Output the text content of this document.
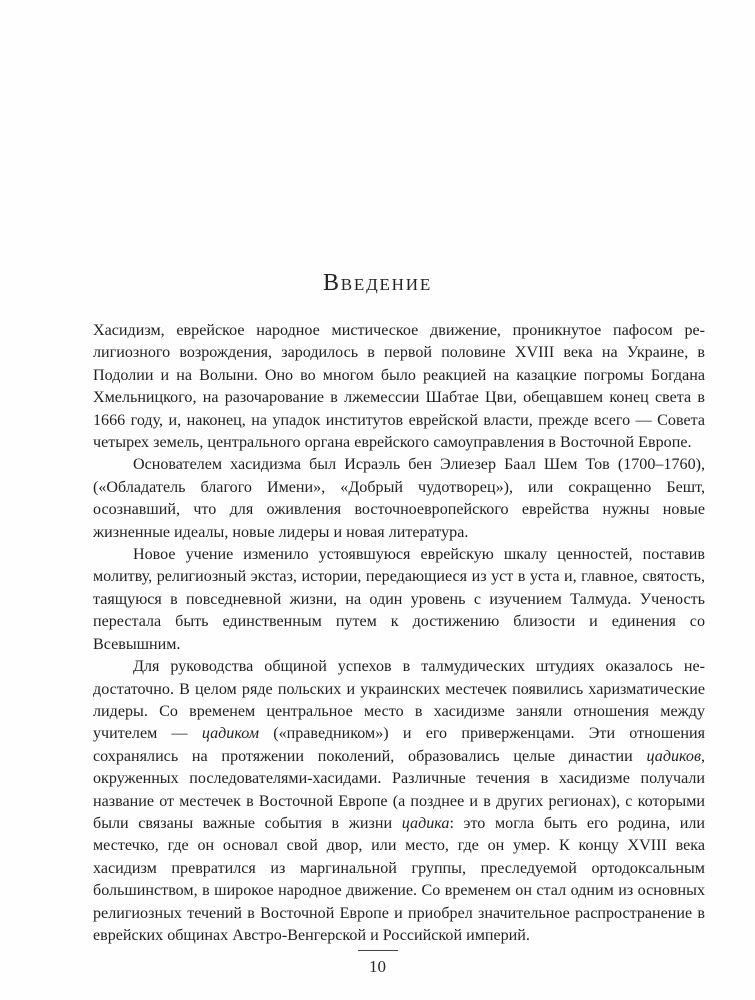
Введение

Хасидизм, еврейское народное мистическое движение, проникнутое пафосом религиозного возрождения, зародилось в первой половине XVIII века на Украине, в Подолии и на Волыни. Оно во многом было реакцией на казацкие погромы Богдана Хмельницкого, на разочарование в лжемессии Шабтае Цви, обещавшем конец света в 1666 году, и, наконец, на упадок институтов еврейской власти, прежде всего — Совета четырех земель, центрального органа еврейского самоуправления в Восточной Европе.

Основателем хасидизма был Исраэль бен Элиезер Баал Шем Тов (1700–1760), («Обладатель благого Имени», «Добрый чудотворец»), или сокращенно Бешт, осознавший, что для оживления восточноевропейского еврейства нужны новые жизненные идеалы, новые лидеры и новая литература.

Новое учение изменило устоявшуюся еврейскую шкалу ценностей, поставив молитву, религиозный экстаз, истории, передающиеся из уст в уста и, главное, святость, таящуюся в повседневной жизни, на один уровень с изучением Талмуда. Ученость перестала быть единственным путем к достижению близости и единения со Всевышним.

Для руководства общиной успехов в талмудических штудиях оказалось недостаточно. В целом ряде польских и украинских местечек появились харизматические лидеры. Со временем центральное место в хасидизме заняли отношения между учителем — цадиком («праведником») и его приверженцами. Эти отношения сохранялись на протяжении поколений, образовались целые династии цадиков, окруженных последователями-хасидами. Различные течения в хасидизме получали название от местечек в Восточной Европе (а позднее и в других регионах), с которыми были связаны важные события в жизни цадика: это могла быть его родина, или местечко, где он основал свой двор, или место, где он умер. К концу XVIII века хасидизм превратился из маргинальной группы, преследуемой ортодоксальным большинством, в широкое народное движение. Со временем он стал одним из основных религиозных течений в Восточной Европе и приобрел значительное распространение в еврейских общинах Австро-Венгерской и Российской империй.

10
